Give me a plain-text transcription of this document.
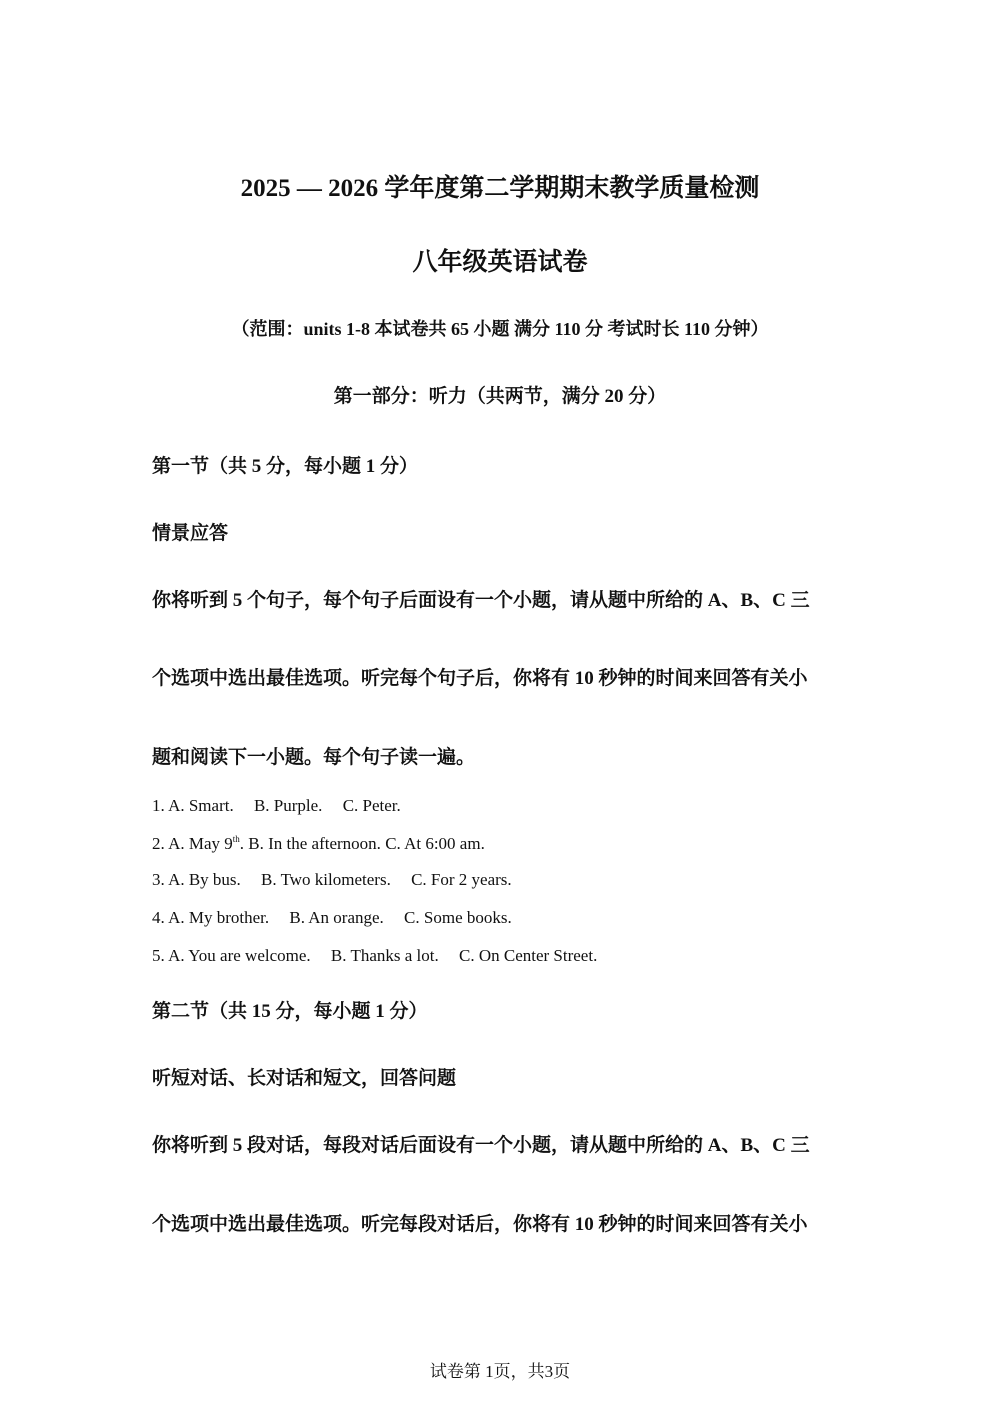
2025 — 2026 学年度第二学期期末教学质量检测
八年级英语试卷
（范围：units 1-8 本试卷共 65 小题 满分 110 分 考试时长 110 分钟）
第一部分：听力（共两节，满分 20 分）
第一节（共 5 分，每小题 1 分）
情景应答
你将听到 5 个句子，每个句子后面设有一个小题，请从题中所给的 A、B、C 三
个选项中选出最佳选项。听完每个句子后，你将有 10 秒钟的时间来回答有关小
题和阅读下一小题。每个句子读一遍。
1. A. Smart. B. Purple. C. Peter.
2. A. May 9th. B. In the afternoon. C. At 6:00 am.
3. A. By bus. B. Two kilometers. C. For 2 years.
4. A. My brother. B. An orange. C. Some books.
5. A. You are welcome. B. Thanks a lot. C. On Center Street.
第二节（共 15 分，每小题 1 分）
听短对话、长对话和短文，回答问题
你将听到 5 段对话，每段对话后面设有一个小题，请从题中所给的 A、B、C 三
个选项中选出最佳选项。听完每段对话后，你将有 10 秒钟的时间来回答有关小
试卷第 1页，共3页
